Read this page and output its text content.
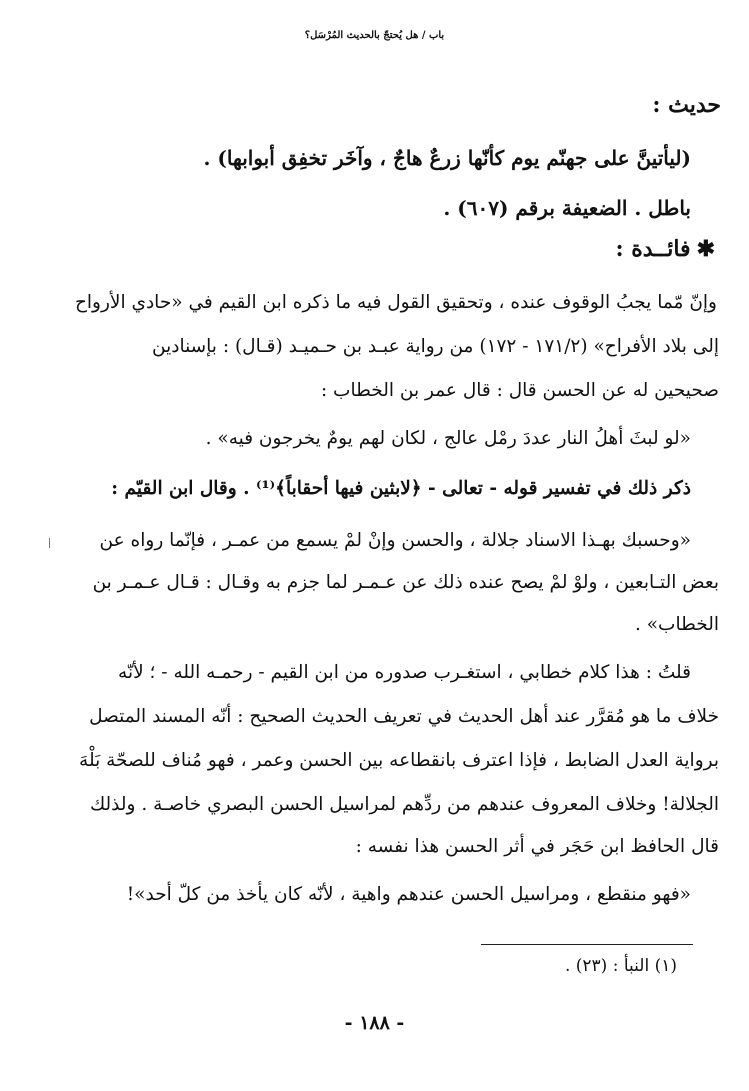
باب / هل يُحتجّ بالحديث المُرْسَل؟
حديث :
(ليأتينَّ على جهنّم يوم كأنّها زرعٌ هاجٌ ، وآخَر تخفِق أبوابها) .
باطل . الضعيفة برقم (٦٠٧) .
✱فائــدة :
وإنّ مّما يجبُ الوقوف عنده ، وتحقيق القول فيه ما ذكره ابن القيم في «حادي الأرواح
إلى بلاد الأفراح» (١٧١/٢ - ١٧٢) من رواية عبـد بن حـميـد (قـال) : بإسنادين
صحيحين له عن الحسن قال : قال عمر بن الخطاب :
«لو لبثَ أهلُ النار عددَ رمْل عالج ، لكان لهم يومٌ يخرجون فيه» .
ذكر ذلك في تفسير قوله - تعالى - ﴿لابثين فيها أحقاباً﴾⁽¹⁾ . وقال ابن القيّم :
«وحسبك بهـذا الاسناد جلالة ، والحسن وإنْ لمْ يسمع من عمـر ، فإنّما رواه عن
بعض التـابعين ، ولوْ لمْ يصح عنده ذلك عن عـمـر لما جزم به وقـال : قـال عـمـر بن
الخطاب» .
قلتُ : هذا كلام خطابي ، استغـرب صدوره من ابن القيم - رحمـه الله - ؛ لأنّه
خلاف ما هو مُقرَّر عند أهل الحديث في تعريف الحديث الصحيح : أنّه المسند المتصل
برواية العدل الضابط ، فإذا اعترف بانقطاعه بين الحسن وعمر ، فهو مُناف للصحّة بَلْهَ
الجلالة! وخلاف المعروف عندهم من ردِّهم لمراسيل الحسن البصري خاصـة . ولذلك
قال الحافظ ابن حَجَر في أثر الحسن هذا نفسه :
«فهو منقطع ، ومراسيل الحسن عندهم واهية ، لأنّه كان يأخذ من كلّ أحد»!
(١) النبأ : (٢٣) .
- ١٨٨ -
